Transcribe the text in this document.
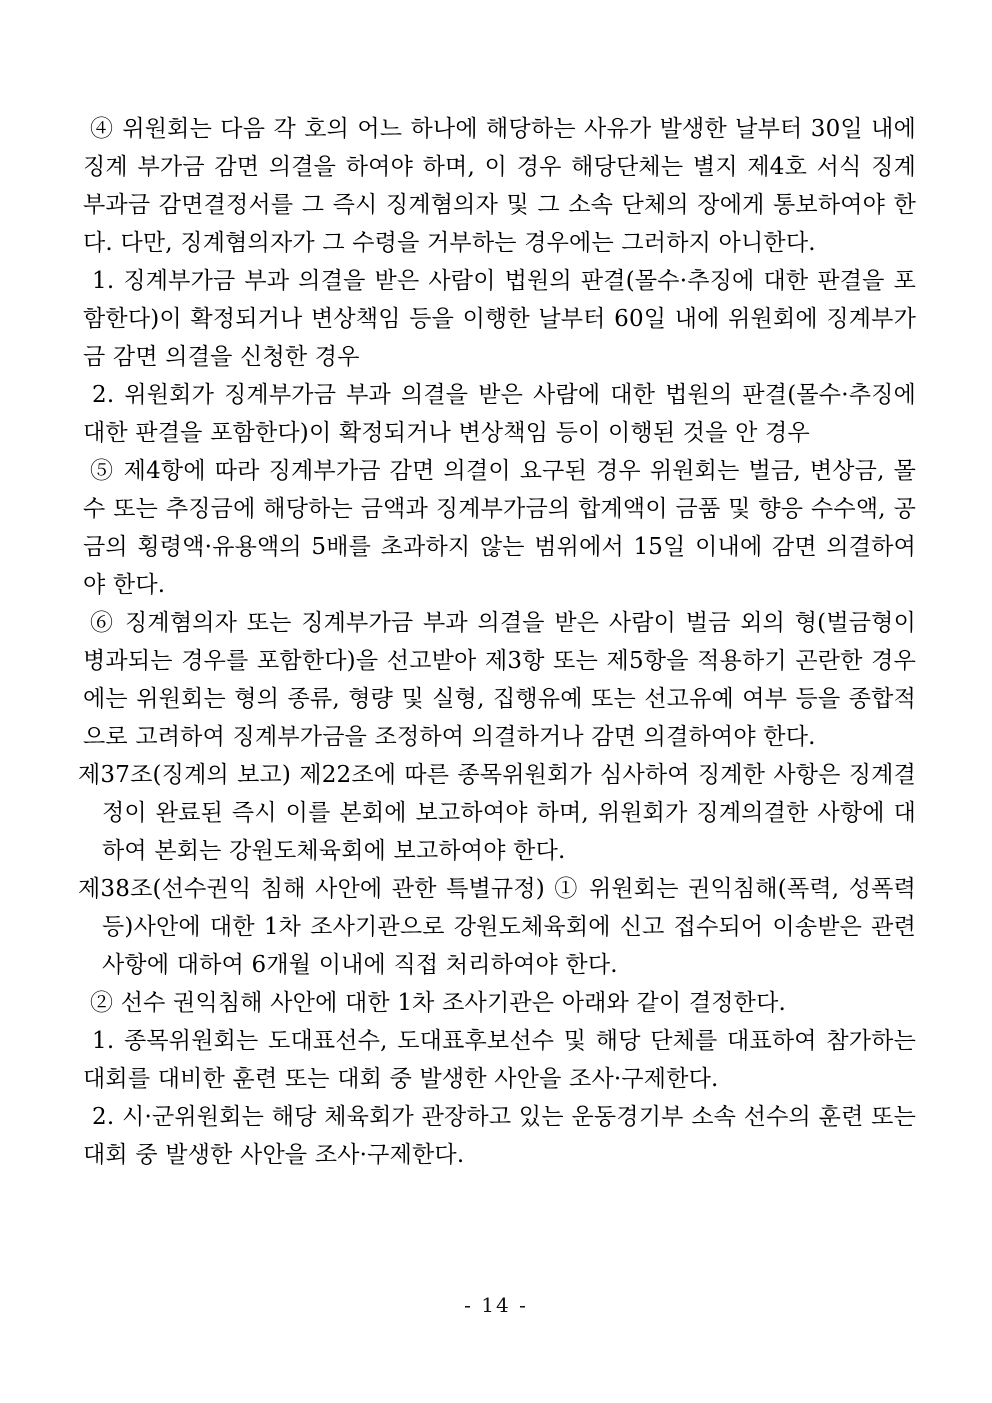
④ 위원회는 다음 각 호의 어느 하나에 해당하는 사유가 발생한 날부터 30일 내에 징계 부가금 감면 의결을 하여야 하며, 이 경우 해당단체는 별지 제4호 서식 징계 부과금 감면결정서를 그 즉시 징계혐의자 및 그 소속 단체의 장에게 통보하여야 한다. 다만, 징계혐의자가 그 수령을 거부하는 경우에는 그러하지 아니한다.

1. 징계부가금 부과 의결을 받은 사람이 법원의 판결(몰수·추징에 대한 판결을 포함한다)이 확정되거나 변상책임 등을 이행한 날부터 60일 내에 위원회에 징계부가금 감면 의결을 신청한 경우

2. 위원회가 징계부가금 부과 의결을 받은 사람에 대한 법원의 판결(몰수·추징에 대한 판결을 포함한다)이 확정되거나 변상책임 등이 이행된 것을 안 경우

⑤ 제4항에 따라 징계부가금 감면 의결이 요구된 경우 위원회는 벌금, 변상금, 몰수 또는 추징금에 해당하는 금액과 징계부가금의 합계액이 금품 및 향응 수수액, 공금의 횡령액·유용액의 5배를 초과하지 않는 범위에서 15일 이내에 감면 의결하여야 한다.

⑥ 징계혐의자 또는 징계부가금 부과 의결을 받은 사람이 벌금 외의 형(벌금형이 병과되는 경우를 포함한다)을 선고받아 제3항 또는 제5항을 적용하기 곤란한 경우에는 위원회는 형의 종류, 형량 및 실형, 집행유예 또는 선고유예 여부 등을 종합적으로 고려하여 징계부가금을 조정하여 의결하거나 감면 의결하여야 한다.

제37조(징계의 보고) 제22조에 따른 종목위원회가 심사하여 징계한 사항은 징계결정이 완료된 즉시 이를 본회에 보고하여야 하며, 위원회가 징계의결한 사항에 대하여 본회는 강원도체육회에 보고하여야 한다.

제38조(선수권익 침해 사안에 관한 특별규정) ① 위원회는 권익침해(폭력, 성폭력 등)사안에 대한 1차 조사기관으로 강원도체육회에 신고 접수되어 이송받은 관련 사항에 대하여 6개월 이내에 직접 처리하여야 한다.

② 선수 권익침해 사안에 대한 1차 조사기관은 아래와 같이 결정한다.

1. 종목위원회는 도대표선수, 도대표후보선수 및 해당 단체를 대표하여 참가하는 대회를 대비한 훈련 또는 대회 중 발생한 사안을 조사·구제한다.

2. 시·군위원회는 해당 체육회가 관장하고 있는 운동경기부 소속 선수의 훈련 또는 대회 중 발생한 사안을 조사·구제한다.

- 14 -
